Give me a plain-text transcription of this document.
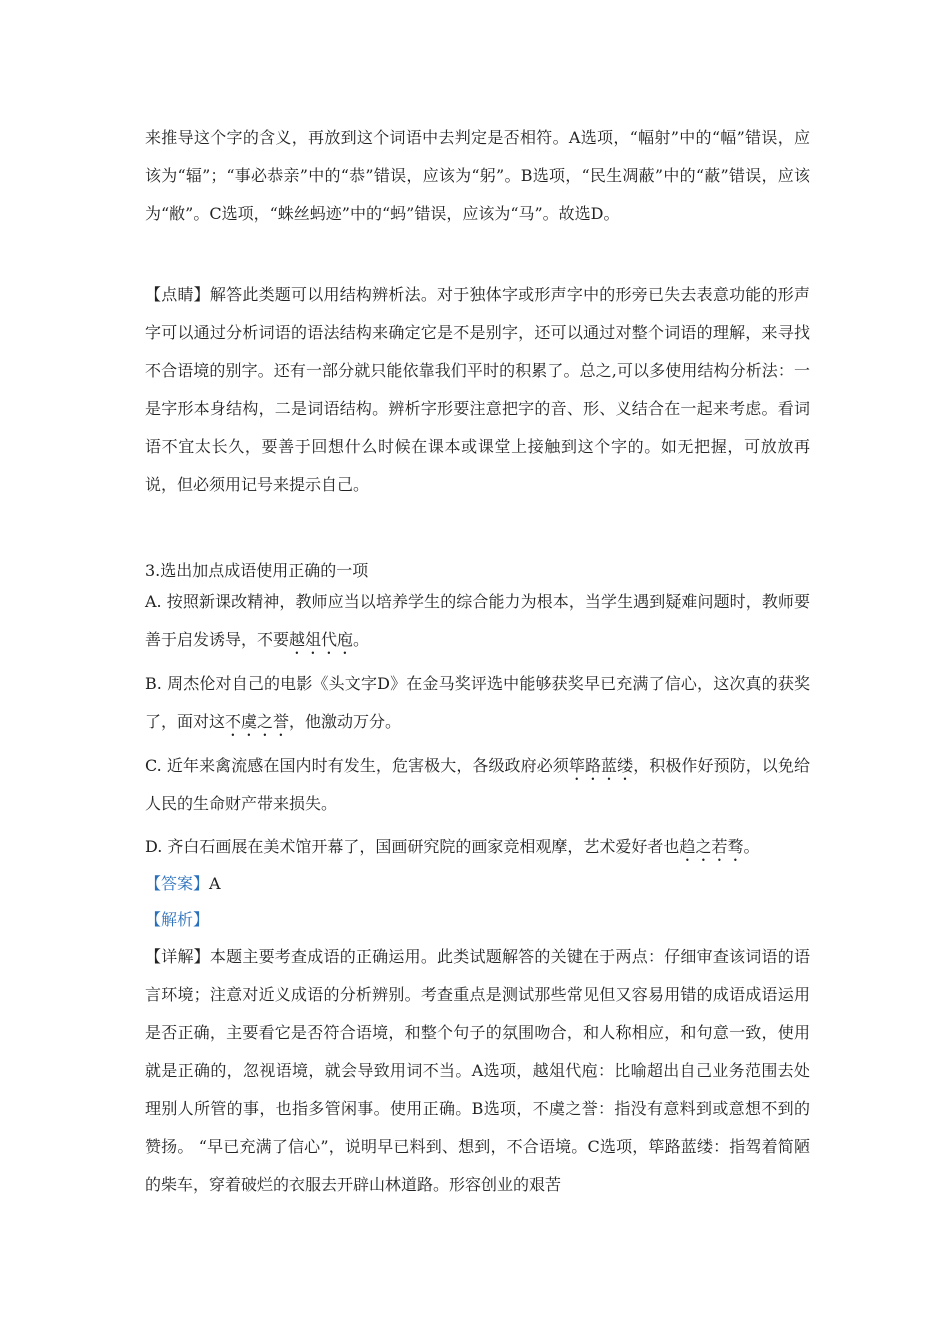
来推导这个字的含义，再放到这个词语中去判定是否相符。A选项，“幅射”中的“幅”错误，应该为“辐”；“事必恭亲”中的“恭”错误，应该为“躬”。B选项，“民生凋蔽”中的“蔽”错误，应该为“敝”。C选项，“蛛丝蚂迹”中的“蚂”错误，应该为“马”。故选D。

【点睛】解答此类题可以用结构辨析法。对于独体字或形声字中的形旁已失去表意功能的形声字可以通过分析词语的语法结构来确定它是不是别字，还可以通过对整个词语的理解，来寻找不合语境的别字。还有一部分就只能依靠我们平时的积累了。总之,可以多使用结构分析法：一是字形本身结构，二是词语结构。辨析字形要注意把字的音、形、义结合在一起来考虑。看词语不宜太长久，要善于回想什么时候在课本或课堂上接触到这个字的。如无把握，可放放再说，但必须用记号来提示自己。

3.选出加点成语使用正确的一项

A. 按照新课改精神，教师应当以培养学生的综合能力为根本，当学生遇到疑难问题时，教师要善于启发诱导，不要越俎代庖。

B. 周杰伦对自己的电影《头文字D》在金马奖评选中能够获奖早已充满了信心，这次真的获奖了，面对这不虞之誉，他激动万分。

C. 近年来禽流感在国内时有发生，危害极大，各级政府必须筚路蓝缕，积极作好预防，以免给人民的生命财产带来损失。

D. 齐白石画展在美术馆开幕了，国画研究院的画家竞相观摩，艺术爱好者也趋之若骛。

【答案】A

【解析】

【详解】本题主要考查成语的正确运用。此类试题解答的关键在于两点：仔细审查该词语的语言环境；注意对近义成语的分析辨别。考查重点是测试那些常见但又容易用错的成语成语运用是否正确，主要看它是否符合语境，和整个句子的氛围吻合，和人称相应，和句意一致，使用就是正确的，忽视语境，就会导致用词不当。A选项，越俎代庖：比喻超出自己业务范围去处理别人所管的事，也指多管闲事。使用正确。B选项，不虞之誉：指没有意料到或意想不到的赞扬。 “早已充满了信心”，说明早已料到、想到，不合语境。C选项，筚路蓝缕：指驾着简陋的柴车，穿着破烂的衣服去开辟山林道路。形容创业的艰苦
